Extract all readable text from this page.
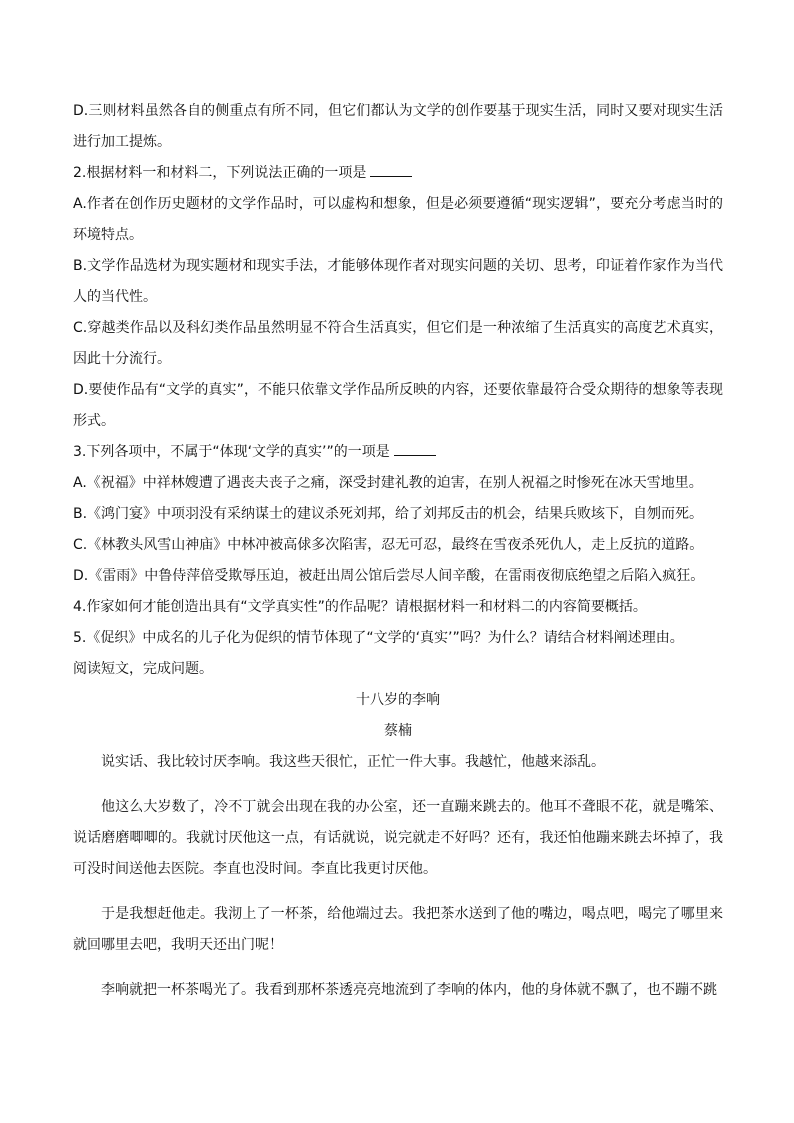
D.三则材料虽然各自的侧重点有所不同，但它们都认为文学的创作要基于现实生活，同时又要对现实生活进行加工提炼。

2.根据材料一和材料二，下列说法正确的一项是

A.作者在创作历史题材的文学作品时，可以虚构和想象，但是必须要遵循“现实逻辑”，要充分考虑当时的环境特点。

B.文学作品选材为现实题材和现实手法，才能够体现作者对现实问题的关切、思考，印证着作家作为当代人的当代性。

C.穿越类作品以及科幻类作品虽然明显不符合生活真实，但它们是一种浓缩了生活真实的高度艺术真实，因此十分流行。

D.要使作品有“文学的真实”，不能只依靠文学作品所反映的内容，还要依靠最符合受众期待的想象等表现形式。

3.下列各项中，不属于“体现‘文学的真实’”的一项是

A.《祝福》中祥林嫂遭了遇丧夫丧子之痛，深受封建礼教的迫害，在别人祝福之时惨死在冰天雪地里。

B.《鸿门宴》中项羽没有采纳谋士的建议杀死刘邦，给了刘邦反击的机会，结果兵败垓下，自刎而死。

C.《林教头风雪山神庙》中林冲被高俅多次陷害，忍无可忍，最终在雪夜杀死仇人，走上反抗的道路。

D.《雷雨》中鲁侍萍倍受欺辱压迫，被赶出周公馆后尝尽人间辛酸，在雷雨夜彻底绝望之后陷入疯狂。

4.作家如何才能创造出具有“文学真实性”的作品呢？请根据材料一和材料二的内容简要概括。

5.《促织》中成名的儿子化为促织的情节体现了“文学的‘真实’”吗？为什么？请结合材料阐述理由。

阅读短文，完成问题。

十八岁的李响

蔡楠

说实话、我比较讨厌李响。我这些天很忙，正忙一件大事。我越忙，他越来添乱。

他这么大岁数了，冷不丁就会出现在我的办公室，还一直蹦来跳去的。他耳不聋眼不花，就是嘴笨、说话磨磨唧唧的。我就讨厌他这一点，有话就说，说完就走不好吗？还有，我还怕他蹦来跳去坏掉了，我可没时间送他去医院。李直也没时间。李直比我更讨厌他。

于是我想赶他走。我沏上了一杯茶，给他端过去。我把茶水送到了他的嘴边，喝点吧，喝完了哪里来就回哪里去吧，我明天还出门呢！

李响就把一杯茶喝光了。我看到那杯茶透亮亮地流到了李响的体内，他的身体就不飘了，也不蹦不跳
